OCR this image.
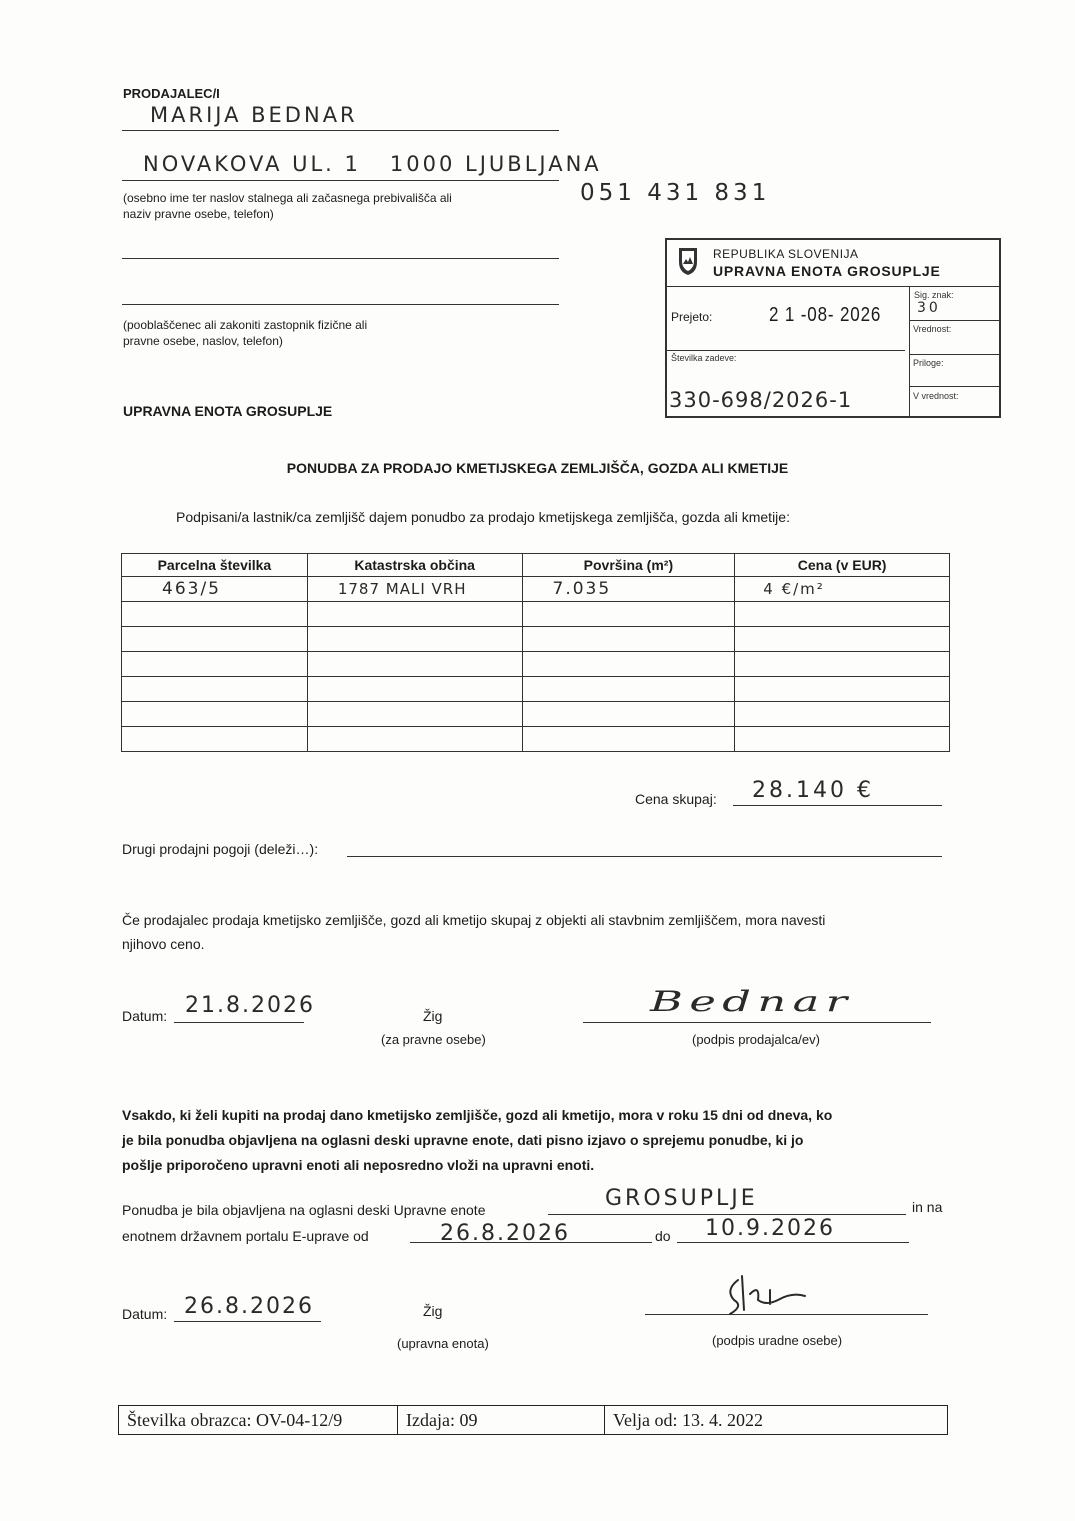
PRODAJALEC/I
MARIJA BEDNAR
NOVAKOVA UL. 1   1000 LJUBLJANA
051 431 831
(osebno ime ter naslov stalnega ali začasnega prebivališča ali
naziv pravne osebe, telefon)
(pooblaščenec ali zakoniti zastopnik fizične ali
pravne osebe, naslov, telefon)
UPRAVNA ENOTA GROSUPLJE
REPUBLIKA SLOVENIJA
UPRAVNA ENOTA GROSUPLJE
Prejeto:	2 1 -08- 2026
Številka zadeve:
330-698/2026-1
Sig. znak:
30
Vrednost:
Priloge:
V vrednost:
PONUDBA ZA PRODAJO KMETIJSKEGA ZEMLJIŠČA, GOZDA ALI KMETIJE
Podpisani/a lastnik/ca zemljišč dajem ponudbo za prodajo kmetijskega zemljišča, gozda ali kmetije:
Parcelna številka	Katastrska občina	Površina (m²)	Cena (v EUR)
463/5	1787 MALI VRH	7.035	4 €/m²

Cena skupaj: 28.140 €
Drugi prodajni pogoji (deleži…):
Če prodajalec prodaja kmetijsko zemljišče, gozd ali kmetijo skupaj z objekti ali stavbnim zemljiščem, mora navesti
njihovo ceno.
Datum: 21.8.2026	Žig
(za pravne osebe)
Bednar
(podpis prodajalca/ev)
Vsakdo, ki želi kupiti na prodaj dano kmetijsko zemljišče, gozd ali kmetijo, mora v roku 15 dni od dneva, ko
je bila ponudba objavljena na oglasni deski upravne enote, dati pisno izjavo o sprejemu ponudbe, ki jo
pošlje priporočeno upravni enoti ali neposredno vloži na upravni enoti.
Ponudba je bila objavljena na oglasni deski Upravne enote	GROSUPLJE	in na
enotnem državnem portalu E-uprave od	26.8.2026	do 10.9.2026
Datum: 26.8.2026	Žig
(upravna enota)	(podpis uradne osebe)
Številka obrazca: OV-04-12/9	Izdaja: 09	Velja od: 13. 4. 2022
